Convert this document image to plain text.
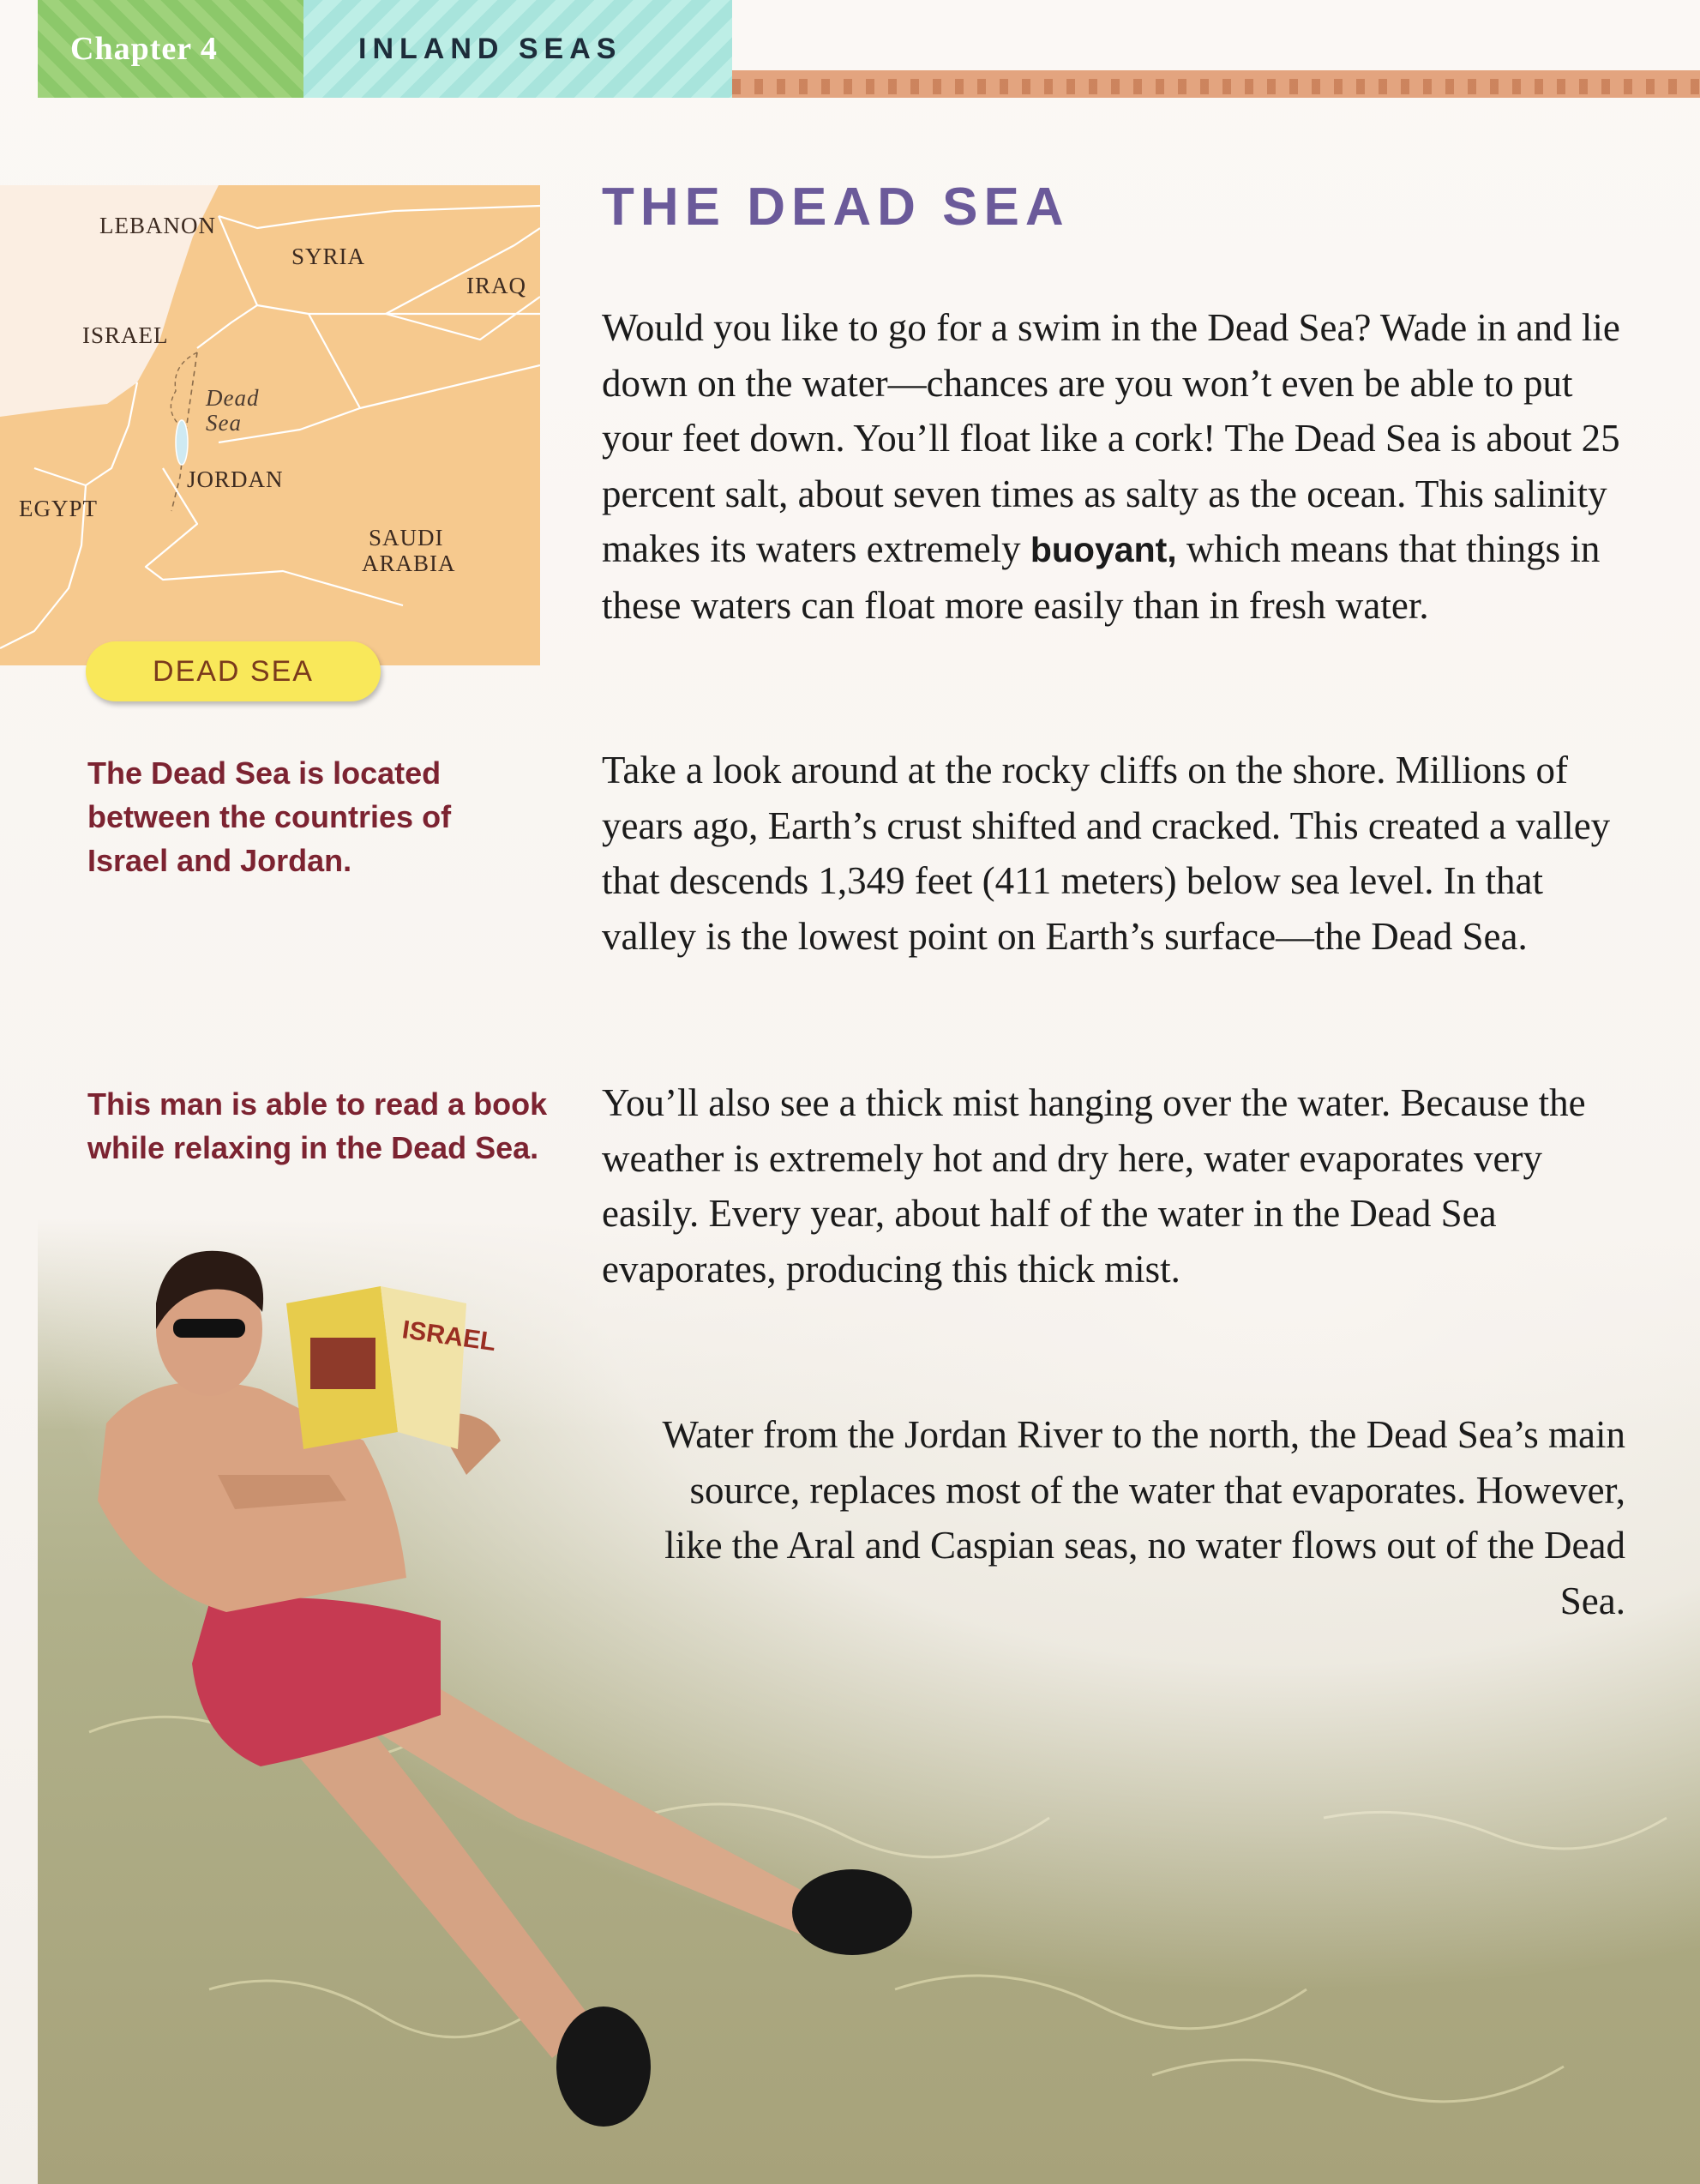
Chapter 4	INLAND SEAS
LEBANON
SYRIA
IRAQ
ISRAEL
Dead
Sea
JORDAN
EGYPT
SAUDI
ARABIA
DEAD SEA
The Dead Sea is located between the countries of Israel and Jordan.
This man is able to read a book while relaxing in the Dead Sea.
THE DEAD SEA
ISRAEL

Would you like to go for a swim in the Dead Sea? Wade in and lie down on the water—chances are you won’t even be able to put your feet down. You’ll float like a cork! The Dead Sea is about 25 percent salt, about seven times as salty as the ocean. This salinity makes its waters extremely buoyant, which means that things in these waters can float more easily than in fresh water.

Take a look around at the rocky cliffs on the shore. Millions of years ago, Earth’s crust shifted and cracked. This created a valley that descends 1,349 feet (411 meters) below sea level. In that valley is the lowest point on Earth’s surface—the Dead Sea.

You’ll also see a thick mist hanging over the water. Because the weather is extremely hot and dry here, water evaporates very easily. Every year, about half of the water in the Dead Sea evaporates, producing this thick mist.

Water from the Jordan River to the north, the Dead Sea’s main source, replaces most of the water that evaporates. However, like the Aral and Caspian seas, no water flows out of the Dead Sea.
